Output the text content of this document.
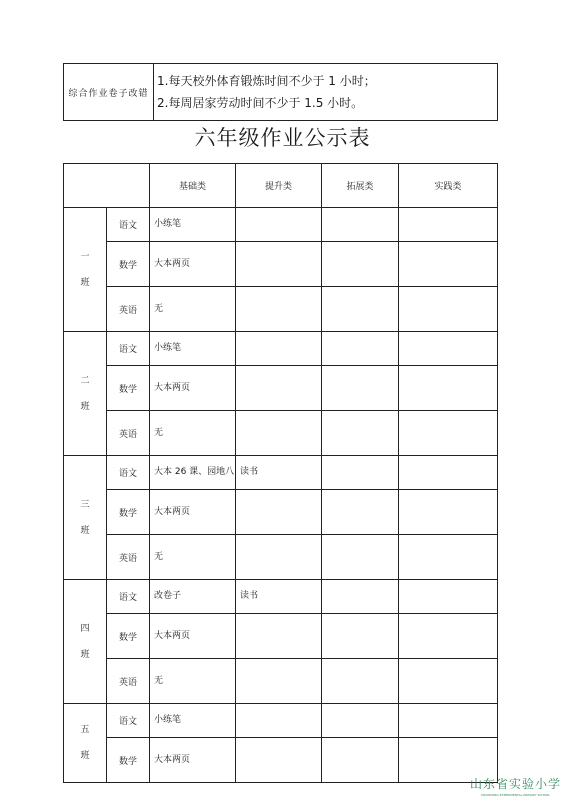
综合作业卷子改错	
1.每天校外体育锻炼时间不少于 1 小时；
2.每周居家劳动时间不少于 1.5 小时。
六年级作业公示表
		基础类	提升类	拓展类	实践类
一
班	语文	小练笔			
	数学	大本两页			
	英语	无			
二
班	语文	小练笔			
	数学	大本两页			
	英语	无			
三
班	语文	大本 26 课、园地八	读书		
	数学	大本两页			
	英语	无			
四
班	语文	改卷子	读书		
	数学	大本两页			
	英语	无			
五
班	语文	小练笔			
	数学	大本两页			
山东省实验小学
SHANDONG EXPERIMENTAL PRIMARY SCHOOL
